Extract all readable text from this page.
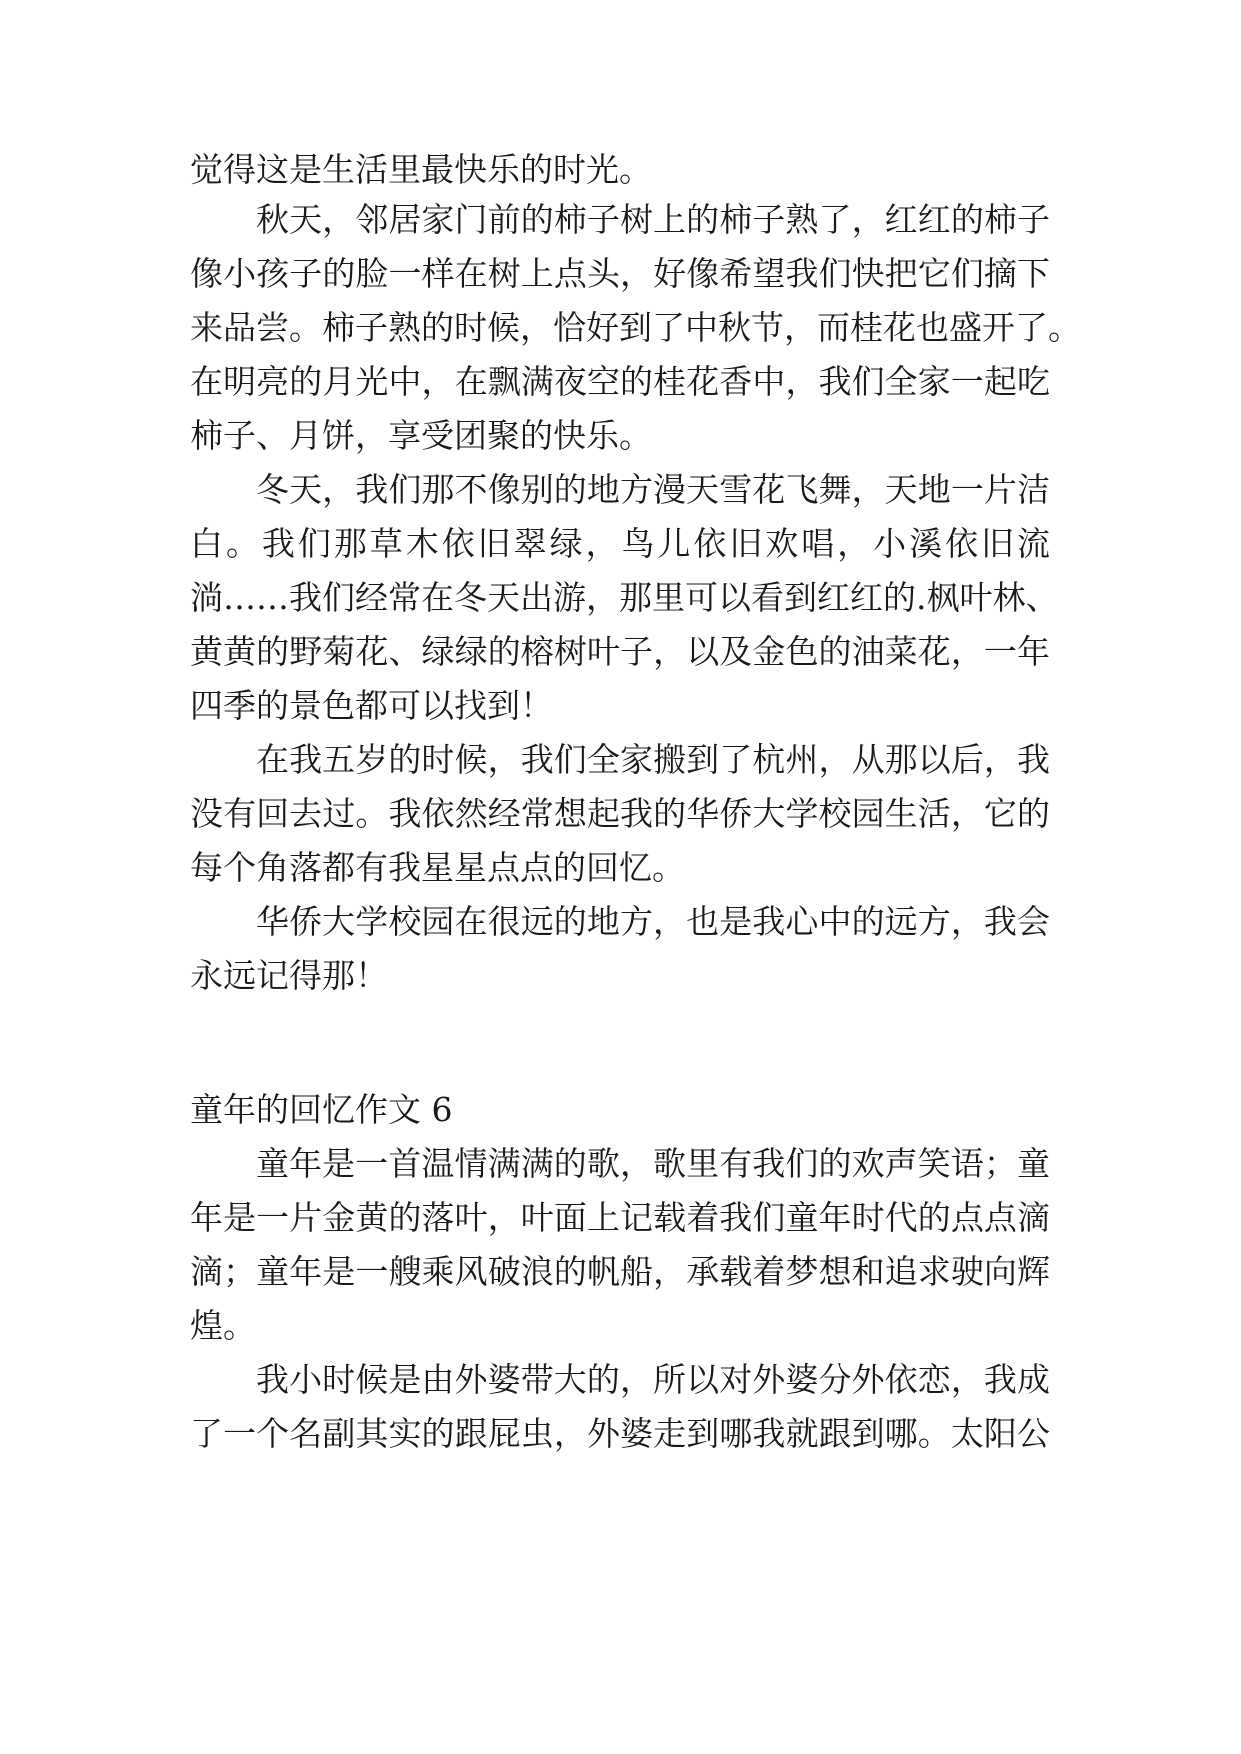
觉得这是生活里最快乐的时光。
秋天，邻居家门前的柿子树上的柿子熟了，红红的柿子
像小孩子的脸一样在树上点头，好像希望我们快把它们摘下
来品尝。柿子熟的时候，恰好到了中秋节，而桂花也盛开了。
在明亮的月光中，在飘满夜空的桂花香中，我们全家一起吃
柿子、月饼，享受团聚的快乐。
冬天，我们那不像别的地方漫天雪花飞舞，天地一片洁
白。我们那草木依旧翠绿，鸟儿依旧欢唱，小溪依旧流
淌……我们经常在冬天出游，那里可以看到红红的.枫叶林、
黄黄的野菊花、绿绿的榕树叶子，以及金色的油菜花，一年
四季的景色都可以找到！
在我五岁的时候，我们全家搬到了杭州，从那以后，我
没有回去过。我依然经常想起我的华侨大学校园生活，它的
每个角落都有我星星点点的回忆。
华侨大学校园在很远的地方，也是我心中的远方，我会
永远记得那！
童年的回忆作文 6
童年是一首温情满满的歌，歌里有我们的欢声笑语；童
年是一片金黄的落叶，叶面上记载着我们童年时代的点点滴
滴；童年是一艘乘风破浪的帆船，承载着梦想和追求驶向辉
煌。
我小时候是由外婆带大的，所以对外婆分外依恋，我成
了一个名副其实的跟屁虫，外婆走到哪我就跟到哪。太阳公
